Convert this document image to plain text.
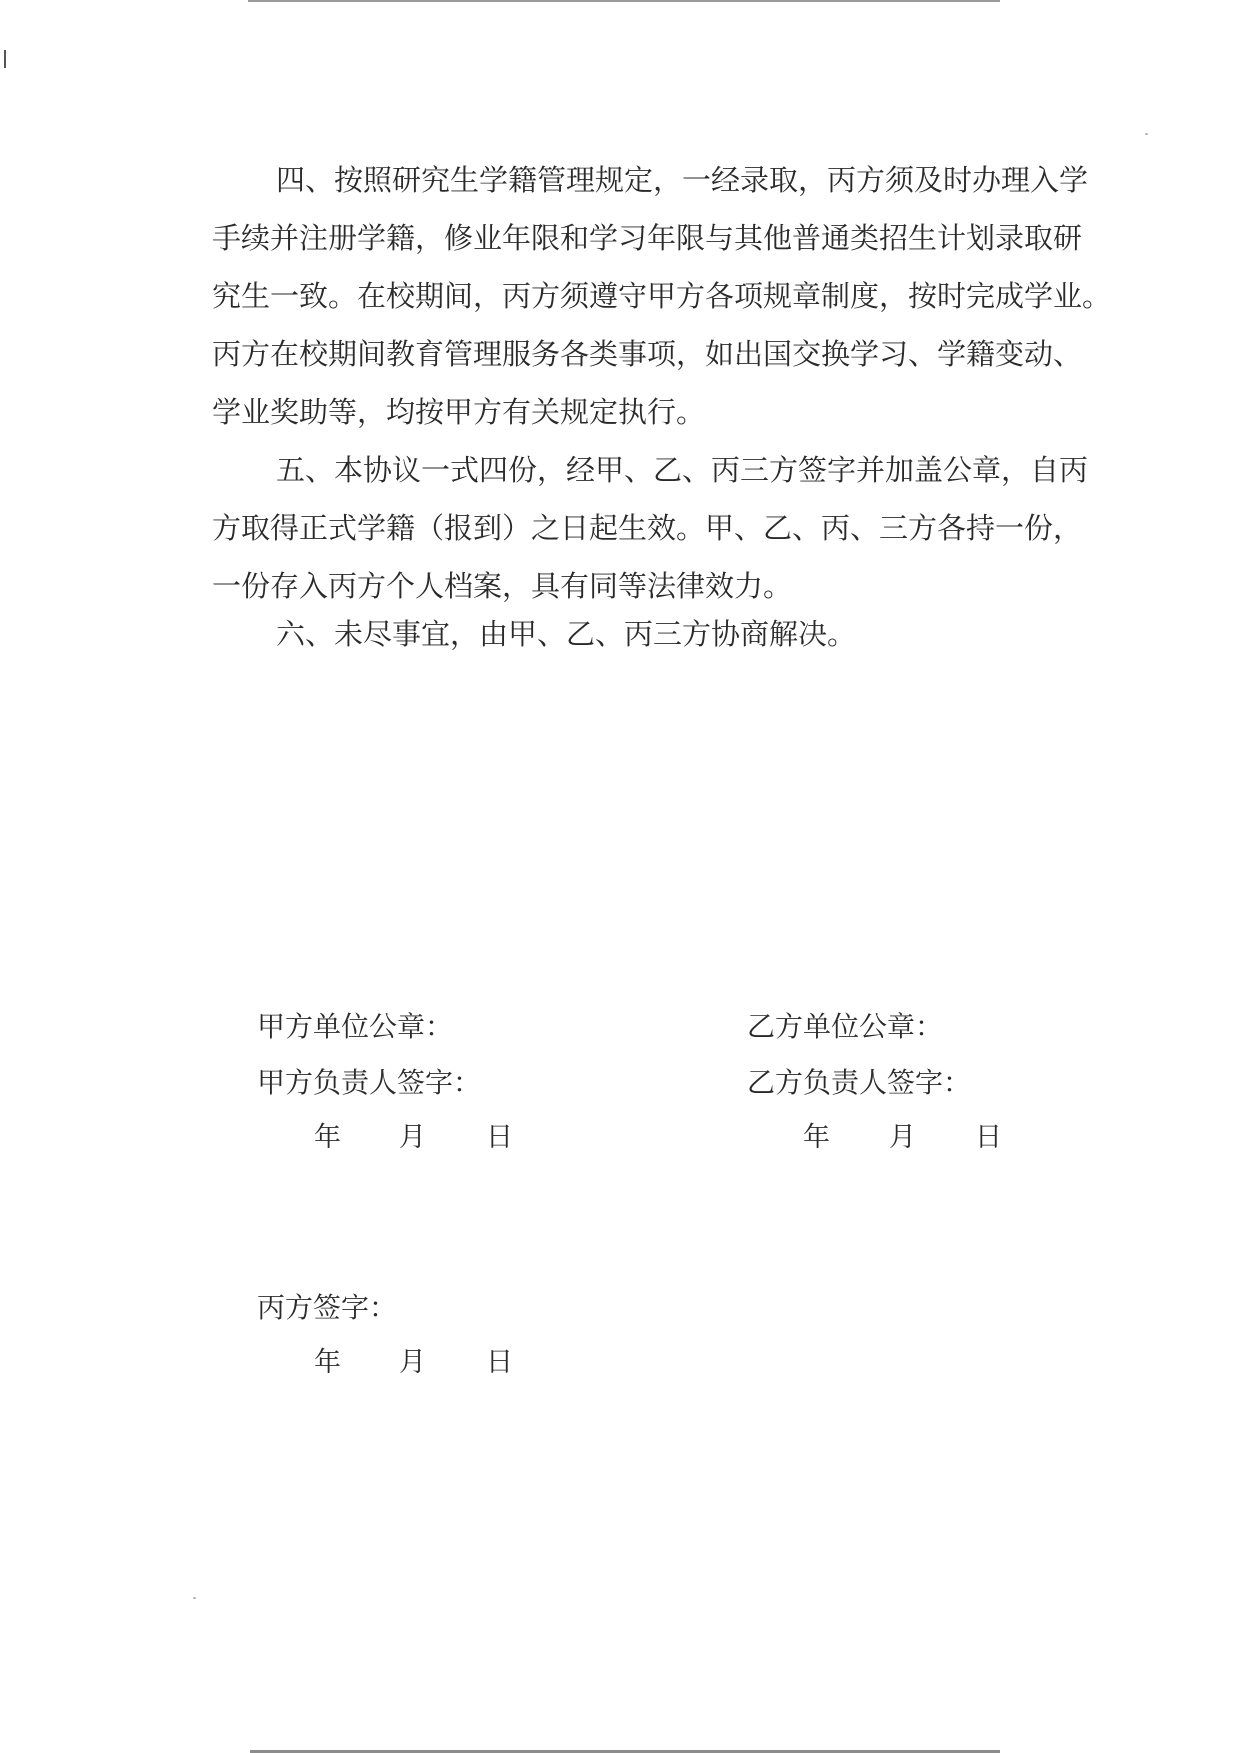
四、按照研究生学籍管理规定，一经录取，丙方须及时办理入学
手续并注册学籍，修业年限和学习年限与其他普通类招生计划录取研
究生一致。在校期间，丙方须遵守甲方各项规章制度，按时完成学业。
丙方在校期间教育管理服务各类事项，如出国交换学习、学籍变动、
学业奖助等，均按甲方有关规定执行。
五、本协议一式四份，经甲、乙、丙三方签字并加盖公章，自丙
方取得正式学籍（报到）之日起生效。甲、乙、丙、三方各持一份，
一份存入丙方个人档案，具有同等法律效力。
六、未尽事宜，由甲、乙、丙三方协商解决。
甲方单位公章：
甲方负责人签字：
年 月 日
乙方单位公章：
乙方负责人签字：
年 月 日
丙方签字：
年 月 日
